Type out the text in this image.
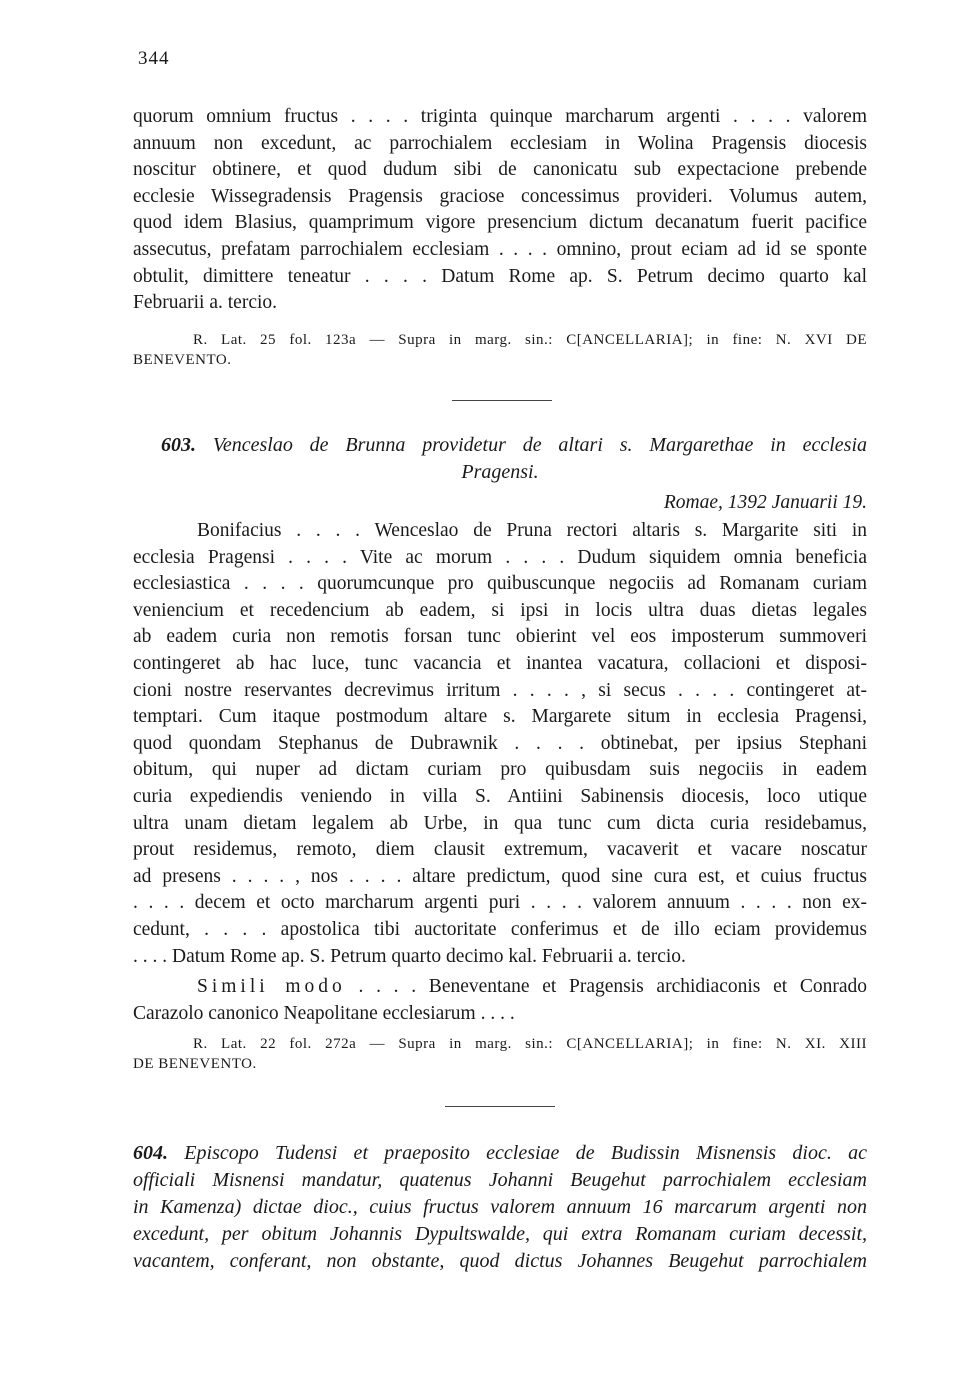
344
quorum omnium fructus . . . . triginta quinque marcharum argenti . . . . valorem
annuum non excedunt, ac parrochialem ecclesiam in Wolina Pragensis diocesis
noscitur obtinere, et quod dudum sibi de canonicatu sub expectacione prebende
ecclesie Wissegradensis Pragensis graciose concessimus provideri. Volumus autem,
quod idem Blasius, quamprimum vigore presencium dictum decanatum fuerit pacifice
assecutus, prefatam parrochialem ecclesiam . . . . omnino, prout eciam ad id se sponte
obtulit, dimittere teneatur . . . . Datum Rome ap. S. Petrum decimo quarto kal
Februarii a. tercio.
R. Lat. 25 fol. 123a — Supra in marg. sin.: C[ANCELLARIA]; in fine: N. XVI DE
BENEVENTO.
603. Venceslao de Brunna providetur de altari s. Margarethae in ecclesia
Pragensi.
Romae, 1392 Januarii 19.
Bonifacius . . . . Wenceslao de Pruna rectori altaris s. Margarite siti in
ecclesia Pragensi . . . . Vite ac morum . . . . Dudum siquidem omnia beneficia
ecclesiastica . . . . quorumcunque pro quibuscunque negociis ad Romanam curiam
veniencium et recedencium ab eadem, si ipsi in locis ultra duas dietas legales
ab eadem curia non remotis forsan tunc obierint vel eos imposterum summoveri
contingeret ab hac luce, tunc vacancia et inantea vacatura, collacioni et disposi-
cioni nostre reservantes decrevimus irritum . . . . , si secus . . . . contingeret at-
temptari. Cum itaque postmodum altare s. Margarete situm in ecclesia Pragensi,
quod quondam Stephanus de Dubrawnik . . . . obtinebat, per ipsius Stephani
obitum, qui nuper ad dictam curiam pro quibusdam suis negociis in eadem
curia expediendis veniendo in villa S. Antiini Sabinensis diocesis, loco utique
ultra unam dietam legalem ab Urbe, in qua tunc cum dicta curia residebamus,
prout residemus, remoto, diem clausit extremum, vacaverit et vacare noscatur
ad presens . . . . , nos . . . . altare predictum, quod sine cura est, et cuius fructus
. . . . decem et octo marcharum argenti puri . . . . valorem annuum . . . . non ex-
cedunt, . . . . apostolica tibi auctoritate conferimus et de illo eciam providemus
. . . . Datum Rome ap. S. Petrum quarto decimo kal. Februarii a. tercio.
Simili modo . . . . Beneventane et Pragensis archidiaconis et Conrado
Carazolo canonico Neapolitane ecclesiarum . . . .
R. Lat. 22 fol. 272a — Supra in marg. sin.: C[ANCELLARIA]; in fine: N. XI. XIII
DE BENEVENTO.
604. Episcopo Tudensi et praeposito ecclesiae de Budissin Misnensis dioc. ac
officiali Misnensi mandatur, quatenus Johanni Beugehut parrochialem ecclesiam
in Kamenza) dictae dioc., cuius fructus valorem annuum 16 marcarum argenti non
excedunt, per obitum Johannis Dypultswalde, qui extra Romanam curiam decessit,
vacantem, conferant, non obstante, quod dictus Johannes Beugehut parrochialem
